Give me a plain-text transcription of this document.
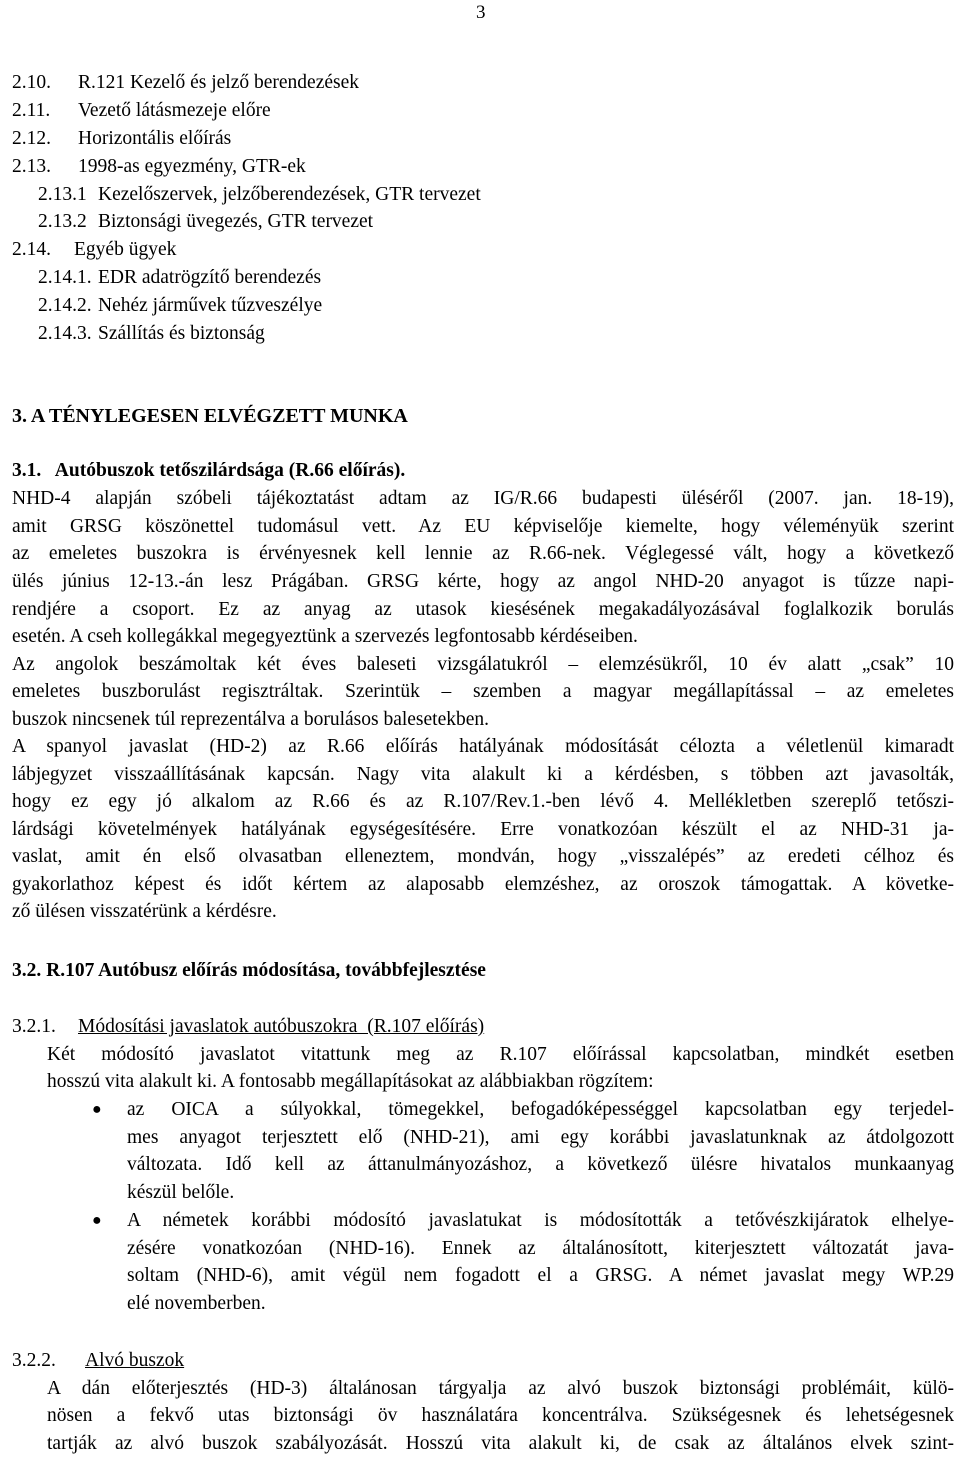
3
2.10. R.121 Kezelő és jelző berendezések
2.11. Vezető látásmezeje előre
2.12. Horizontális előírás
2.13. 1998-as egyezmény, GTR-ek
2.13.1 Kezelőszervek, jelzőberendezések, GTR tervezet
2.13.2 Biztonsági üvegezés, GTR tervezet
2.14. Egyéb ügyek
2.14.1. EDR adatrögzítő berendezés
2.14.2. Nehéz járművek tűzveszélye
2.14.3. Szállítás és biztonság
3. A TÉNYLEGESEN ELVÉGZETT MUNKA
3.1.   Autóbuszok tetőszilárdsága (R.66 előírás).
NHD-4 alapján szóbeli tájékoztatást adtam az IG/R.66 budapesti üléséről (2007. jan. 18-19),
amit GRSG köszönettel tudomásul vett. Az EU képviselője kiemelte, hogy véleményük szerint
az emeletes buszokra is érvényesnek kell lennie az R.66-nek. Véglegessé vált, hogy a következő
ülés június 12-13.-án lesz Prágában. GRSG kérte, hogy az angol NHD-20 anyagot is tűzze napi-
rendjére a csoport. Ez az anyag az utasok kiesésének megakadályozásával foglalkozik borulás
esetén. A cseh kollegákkal megegyeztünk a szervezés legfontosabb kérdéseiben.
Az angolok beszámoltak két éves baleseti vizsgálatukról – elemzésükről, 10 év alatt „csak” 10
emeletes buszborulást regisztráltak. Szerintük – szemben a magyar megállapítással – az emeletes
buszok nincsenek túl reprezentálva a borulásos balesetekben.
A spanyol javaslat (HD-2) az R.66 előírás hatályának módosítását célozta a véletlenül kimaradt
lábjegyzet visszaállításának kapcsán. Nagy vita alakult ki a kérdésben, s többen azt javasolták,
hogy ez egy jó alkalom az R.66 és az R.107/Rev.1.-ben lévő 4. Mellékletben szereplő tetőszi-
lárdsági követelmények hatályának egységesítésére. Erre vonatkozóan készült el az NHD-31 ja-
vaslat, amit én első olvasatban elleneztem, mondván, hogy „visszalépés” az eredeti célhoz és
gyakorlathoz képest és időt kértem az alaposabb elemzéshez, az oroszok támogattak. A követke-
ző ülésen visszatérünk a kérdésre.
3.2. R.107 Autóbusz előírás módosítása, továbbfejlesztése
3.2.1. Módosítási javaslatok autóbuszokra  (R.107 előírás)
Két módosító javaslatot vitattunk meg az R.107 előírással kapcsolatban, mindkét esetben
hosszú vita alakult ki. A fontosabb megállapításokat az alábbiakban rögzítem:
● az OICA a súlyokkal, tömegekkel, befogadóképességgel kapcsolatban egy terjedel-
mes anyagot terjesztett elő (NHD-21), ami egy korábbi javaslatunknak az átdolgozott
változata. Idő kell az áttanulmányozáshoz, a következő ülésre hivatalos munkaanyag
készül belőle.
● A németek korábbi módosító javaslatukat is módosították a tetővészkijáratok elhelye-
zésére vonatkozóan (NHD-16). Ennek az általánosított, kiterjesztett változatát java-
soltam (NHD-6), amit végül nem fogadott el a GRSG. A német javaslat megy WP.29
elé novemberben.
3.2.2. Alvó buszok
A dán előterjesztés (HD-3) általánosan tárgyalja az alvó buszok biztonsági problémáit, külö-
nösen a fekvő utas biztonsági öv használatára koncentrálva. Szükségesnek és lehetségesnek
tartják az alvó buszok szabályozását. Hosszú vita alakult ki, de csak az általános elvek szint-
